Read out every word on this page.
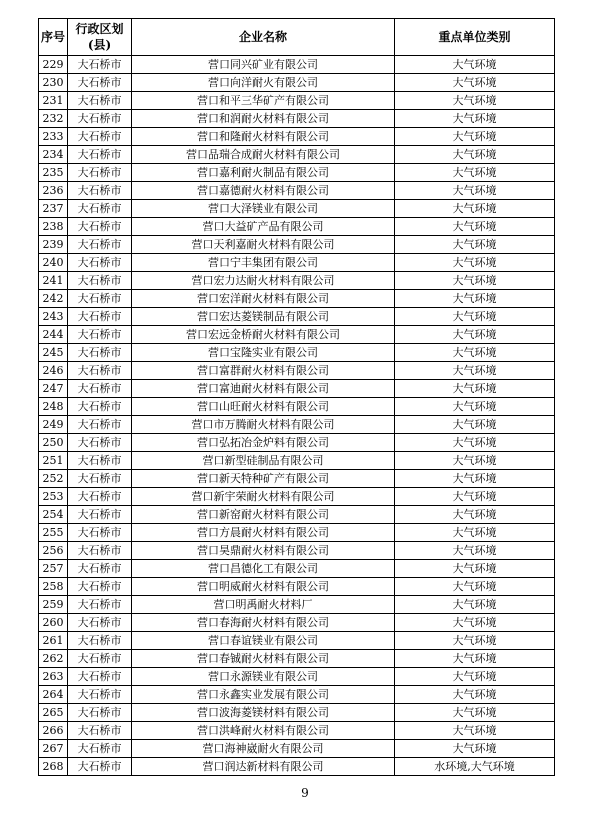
序号	行政区划(县)	企业名称	重点单位类别
229	大石桥市	营口同兴矿业有限公司	大气环境
230	大石桥市	营口向洋耐火有限公司	大气环境
231	大石桥市	营口和平三华矿产有限公司	大气环境
232	大石桥市	营口和润耐火材料有限公司	大气环境
233	大石桥市	营口和隆耐火材料有限公司	大气环境
234	大石桥市	营口品瑞合成耐火材料有限公司	大气环境
235	大石桥市	营口嘉利耐火制品有限公司	大气环境
236	大石桥市	营口嘉德耐火材料有限公司	大气环境
237	大石桥市	营口大泽镁业有限公司	大气环境
238	大石桥市	营口大益矿产品有限公司	大气环境
239	大石桥市	营口天利嘉耐火材料有限公司	大气环境
240	大石桥市	营口宁丰集团有限公司	大气环境
241	大石桥市	营口宏力达耐火材料有限公司	大气环境
242	大石桥市	营口宏洋耐火材料有限公司	大气环境
243	大石桥市	营口宏达菱镁制品有限公司	大气环境
244	大石桥市	营口宏远金桥耐火材料有限公司	大气环境
245	大石桥市	营口宝隆实业有限公司	大气环境
246	大石桥市	营口富群耐火材料有限公司	大气环境
247	大石桥市	营口富迪耐火材料有限公司	大气环境
248	大石桥市	营口山旺耐火材料有限公司	大气环境
249	大石桥市	营口市万腾耐火材料有限公司	大气环境
250	大石桥市	营口弘拓冶金炉料有限公司	大气环境
251	大石桥市	营口新型硅制品有限公司	大气环境
252	大石桥市	营口新天特种矿产有限公司	大气环境
253	大石桥市	营口新宇荣耐火材料有限公司	大气环境
254	大石桥市	营口新窑耐火材料有限公司	大气环境
255	大石桥市	营口方晨耐火材料有限公司	大气环境
256	大石桥市	营口昊鼎耐火材料有限公司	大气环境
257	大石桥市	营口昌德化工有限公司	大气环境
258	大石桥市	营口明威耐火材料有限公司	大气环境
259	大石桥市	营口明禹耐火材料厂	大气环境
260	大石桥市	营口春海耐火材料有限公司	大气环境
261	大石桥市	营口春谊镁业有限公司	大气环境
262	大石桥市	营口春铖耐火材料有限公司	大气环境
263	大石桥市	营口永源镁业有限公司	大气环境
264	大石桥市	营口永鑫实业发展有限公司	大气环境
265	大石桥市	营口波海菱镁材料有限公司	大气环境
266	大石桥市	营口洪峰耐火材料有限公司	大气环境
267	大石桥市	营口海神崴耐火有限公司	大气环境
268	大石桥市	营口润达新材料有限公司	水环境,大气环境
9
